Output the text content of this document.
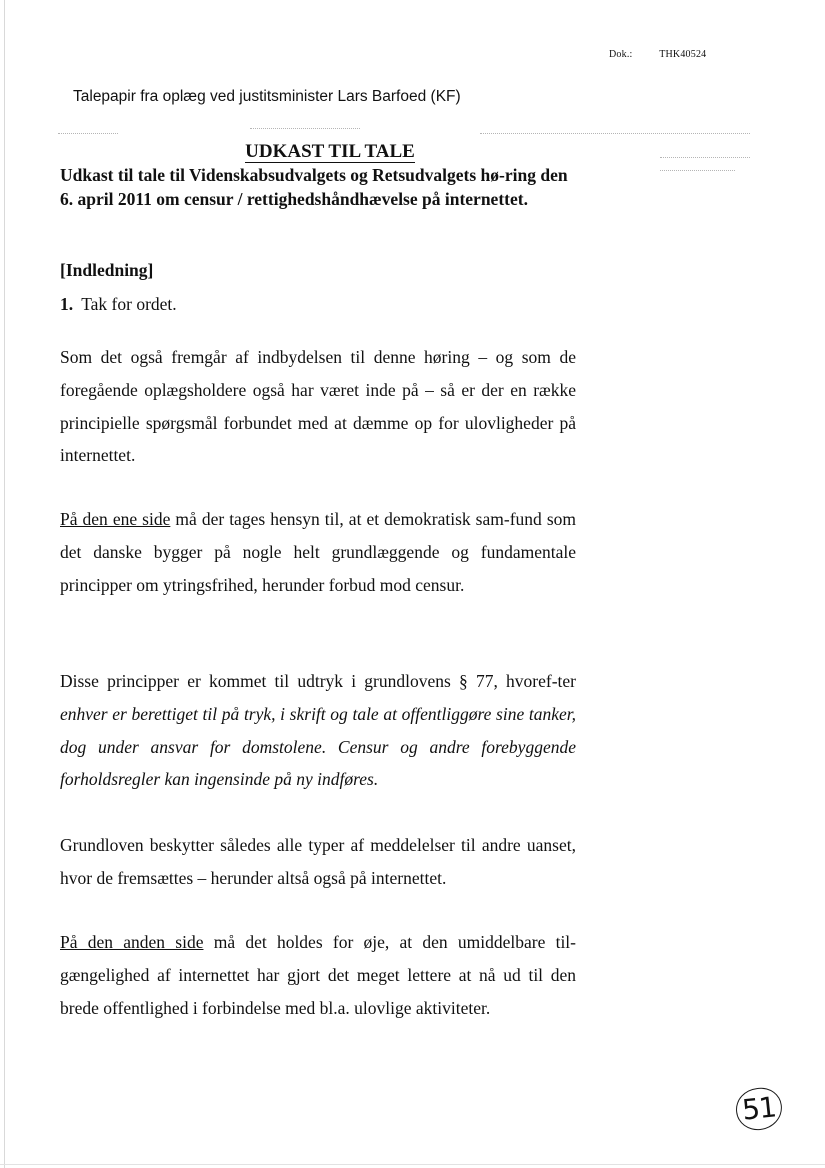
Dok.:	THK40524
Talepapir fra oplæg ved justitsminister Lars Barfoed (KF)
UDKAST TIL TALE
Udkast til tale til Videnskabsudvalgets og Retsudvalgets hø-ring den 6. april 2011 om censur / rettighedshåndhævelse på internettet.
[Indledning]
1. Tak for ordet.

Som det også fremgår af indbydelsen til denne høring – og som de foregående oplægsholdere også har været inde på – så er der en række principielle spørgsmål forbundet med at dæmme op for ulovligheder på internettet.

På den ene side må der tages hensyn til, at et demokratisk sam-fund som det danske bygger på nogle helt grundlæggende og fundamentale principper om ytringsfrihed, herunder forbud mod censur.

Disse principper er kommet til udtryk i grundlovens § 77, hvoref-ter enhver er berettiget til på tryk, i skrift og tale at offentliggøre sine tanker, dog under ansvar for domstolene. Censur og andre forebyggende forholdsregler kan ingensinde på ny indføres.

Grundloven beskytter således alle typer af meddelelser til andre uanset, hvor de fremsættes – herunder altså også på internettet.

På den anden side må det holdes for øje, at den umiddelbare til-gængelighed af internettet har gjort det meget lettere at nå ud til den brede offentlighed i forbindelse med bl.a. ulovlige aktiviteter.

51
